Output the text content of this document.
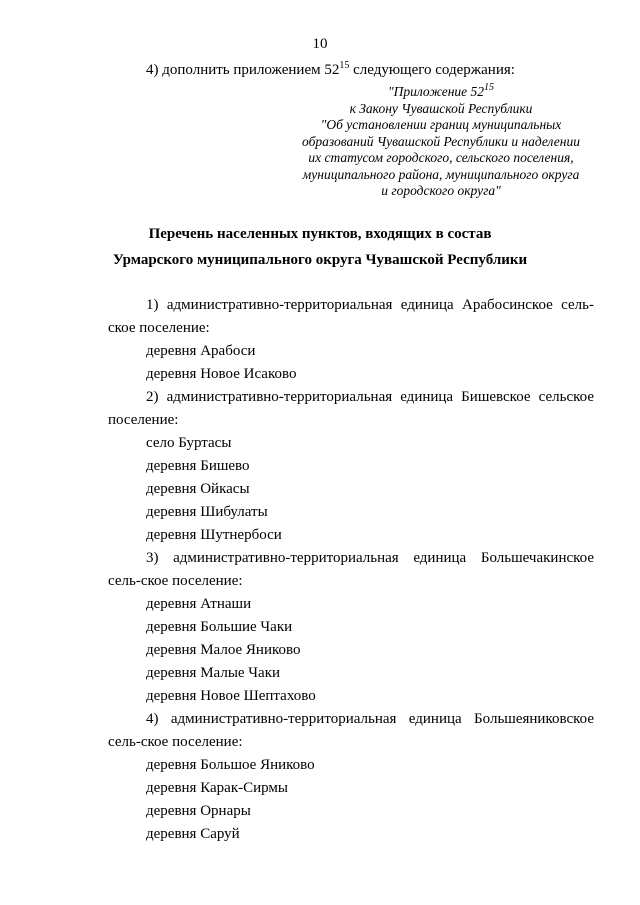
10
4) дополнить приложением $52^{15}$ следующего содержания:
"Приложение $52^{15}$
к Закону Чувашской Республики
"Об установлении границ муниципальных
образований Чувашской Республики и наделении
их статусом городского, сельского поселения,
муниципального района, муниципального округа
и городского округа"
Перечень населенных пунктов, входящих в состав
Урмарского муниципального округа Чувашской Республики
1) административно-территориальная единица Арабосинское сель-ское поселение:
деревня Арабоси
деревня Новое Исаково
2) административно-территориальная единица Бишевское сельское поселение:
село Буртасы
деревня Бишево
деревня Ойкасы
деревня Шибулаты
деревня Шутнербоси
3) административно-территориальная единица Большечакинское сель-ское поселение:
деревня Атнаши
деревня Большие Чаки
деревня Малое Яниково
деревня Малые Чаки
деревня Новое Шептахово
4) административно-территориальная единица Большеяниковское сель-ское поселение:
деревня Большое Яниково
деревня Карак-Сирмы
деревня Орнары
деревня Саруй
